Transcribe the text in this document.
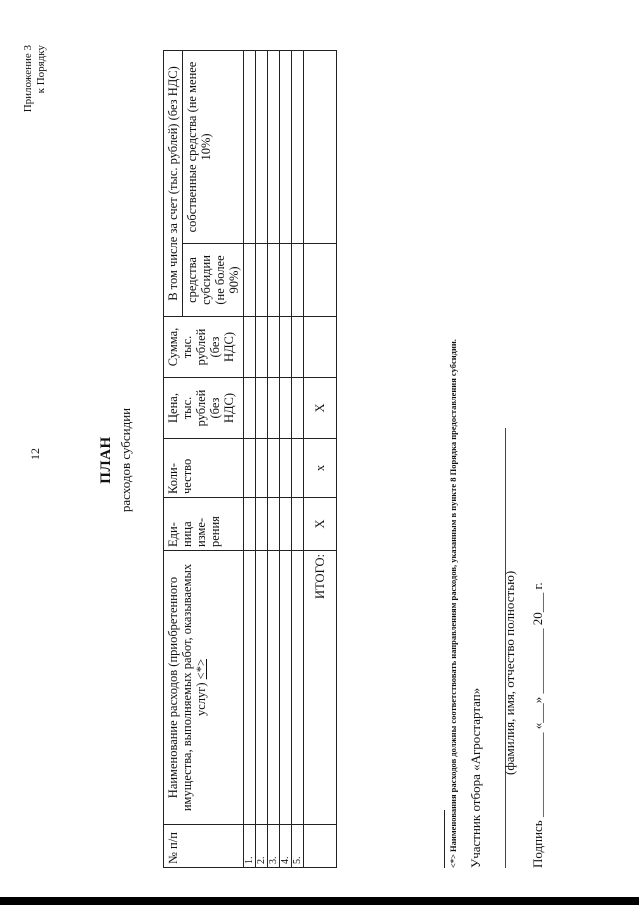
12
Приложение 3 к Порядку
ПЛАН расходов субсидии
№ п/п	Наименование расходов (приобретенного имущества, выполняемых работ, оказываемых услуг) <*>	Еди-ница изме-рения	Коли-чество	Цена, тыс. рублей (без НДС)	Сумма, тыс. рублей (без НДС)	В том числе за счет (тыс. рублей) (без НДС)	
						средства субсидии (не более 90%)	собственные средства (не менее 10%)
1.							
2.							
3.							
4.							
5.							
	ИТОГО:	X	x	X				<*> Наименования расходов должны соответствовать направлениям расходов, указанным в пункте 8 Порядка предоставления субсидии. Участник отбора «Агростартап»
(фамилия, имя, отчество полностью) Подпись _____________ «___» __________ 20___ г.
